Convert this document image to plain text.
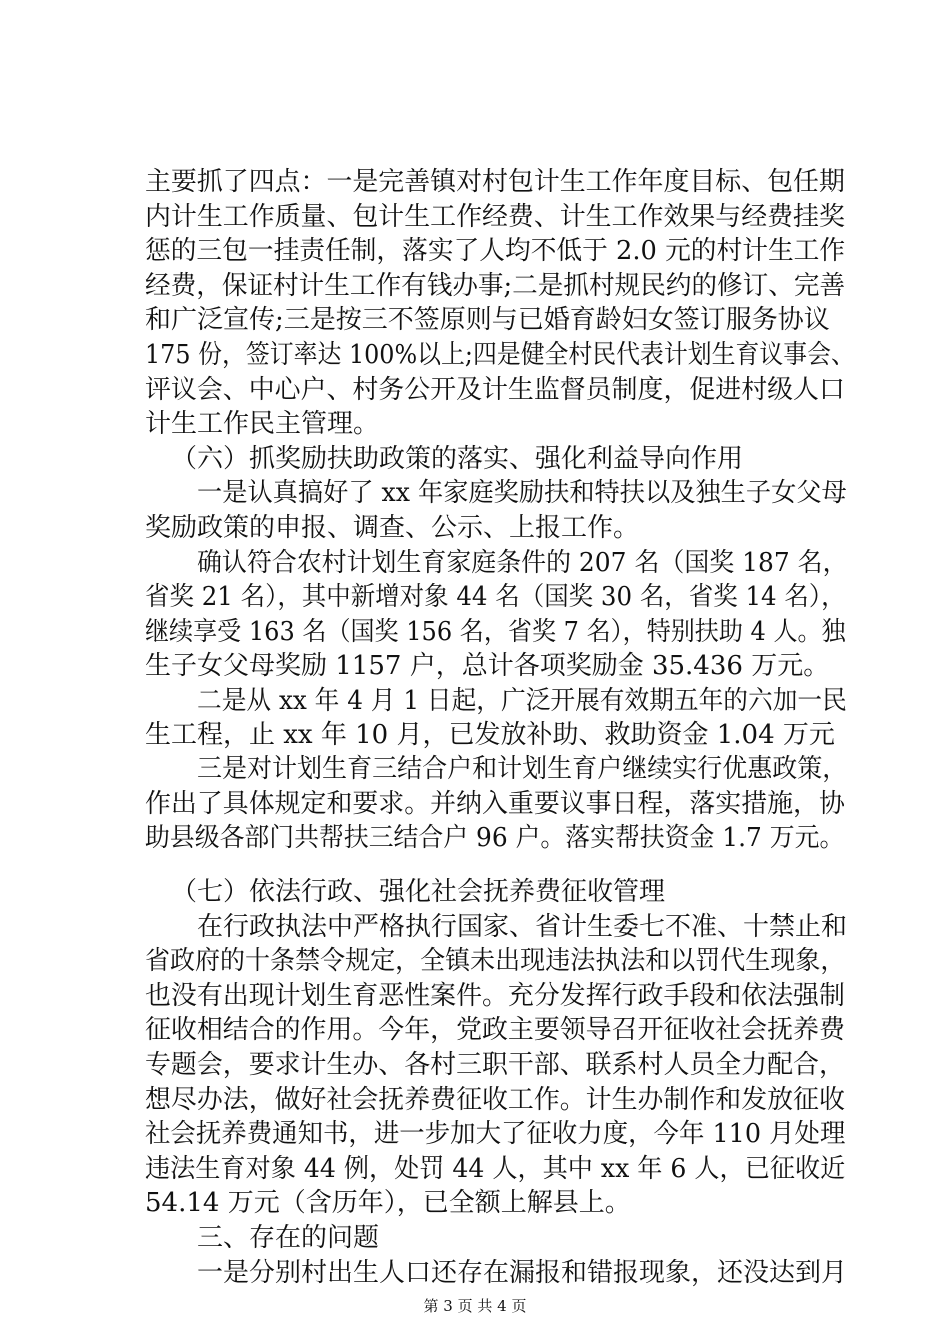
主要抓了四点：一是完善镇对村包计生工作年度目标、包任期

内计生工作质量、包计生工作经费、计生工作效果与经费挂奖

惩的三包一挂责任制，落实了人均不低于 2.0 元的村计生工作

经费，保证村计生工作有钱办事;二是抓村规民约的修订、完善

和广泛宣传;三是按三不签原则与已婚育龄妇女签订服务协议

175 份，签订率达 100%以上;四是健全村民代表计划生育议事会、

评议会、中心户、村务公开及计生监督员制度，促进村级人口

计生工作民主管理。

（六）抓奖励扶助政策的落实、强化利益导向作用

一是认真搞好了 xx 年家庭奖励扶和特扶以及独生子女父母

奖励政策的申报、调查、公示、上报工作。

确认符合农村计划生育家庭条件的 207 名（国奖 187 名，

省奖 21 名），其中新增对象 44 名（国奖 30 名，省奖 14 名），

继续享受 163 名（国奖 156 名，省奖 7 名），特别扶助 4 人。独

生子女父母奖励 1157 户，总计各项奖励金 35.436 万元。

二是从 xx 年 4 月 1 日起，广泛开展有效期五年的六加一民

生工程，止 xx 年 10 月，已发放补助、救助资金 1.04 万元

三是对计划生育三结合户和计划生育户继续实行优惠政策，

作出了具体规定和要求。并纳入重要议事日程，落实措施，协

助县级各部门共帮扶三结合户 96 户。落实帮扶资金 1.7 万元。

（七）依法行政、强化社会抚养费征收管理

在行政执法中严格执行国家、省计生委七不准、十禁止和

省政府的十条禁令规定，全镇未出现违法执法和以罚代生现象，

也没有出现计划生育恶性案件。充分发挥行政手段和依法强制

征收相结合的作用。今年，党政主要领导召开征收社会抚养费

专题会，要求计生办、各村三职干部、联系村人员全力配合，

想尽办法，做好社会抚养费征收工作。计生办制作和发放征收

社会抚养费通知书，进一步加大了征收力度，今年 110 月处理

违法生育对象 44 例，处罚 44 人，其中 xx 年 6 人，已征收近

54.14 万元（含历年），已全额上解县上。

三、存在的问题

一是分别村出生人口还存在漏报和错报现象，还没达到月

第 3 页 共 4 页
